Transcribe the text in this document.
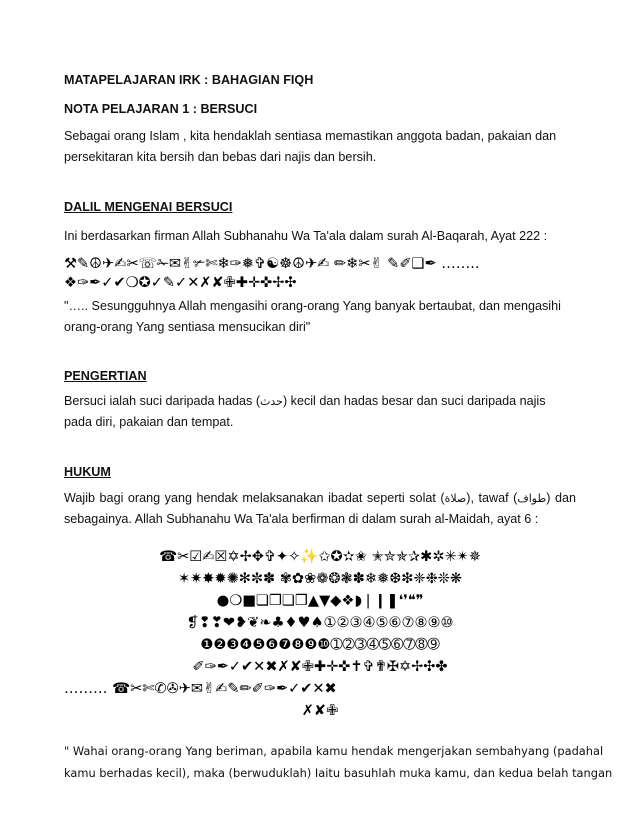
MATAPELAJARAN IRK : BAHAGIAN FIQH

NOTA PELAJARAN 1 : BERSUCI

Sebagai orang Islam , kita hendaklah sentiasa memastikan anggota badan, pakaian dan persekitaran kita bersih dan bebas dari najis dan bersih.

DALIL MENGENAI BERSUCI

Ini berdasarkan firman Allah Subhanahu Wa Ta'ala dalam surah Al-Baqarah, Ayat 222 :

⚒✎☮✈✍✂☏✁✉✌✃✄❄✑❅✞☯☸☮✈✍ ✏❄✂✌ ✎✐❑✒ ……..

❖✑✒✓✔❍✪✓✎✓✕✗✘✙✚✛✜✢✣

"….. Sesungguhnya Allah mengasihi orang-orang Yang banyak bertaubat, dan mengasihi orang-orang Yang sentiasa mensucikan diri"

PENGERTIAN

Bersuci ialah suci daripada hadas (حدث) kecil dan hadas besar dan suci daripada najis pada diri, pakaian dan tempat.

HUKUM

Wajib bagi orang yang hendak melaksanakan ibadat seperti solat (صلاة), tawaf (طواف) dan sebagainya. Allah Subhanahu Wa Ta'ala berfirman di dalam surah al-Maidah, ayat 6 :

☎✂☑✍☒✡✢✥✞✦✧✨✩✪✫✬ ✭✮✯✰✱✲✳✴✵

✶✷✸✹✺✻✼✽ ✾✿❀❁❂❃✽❄❅❆❇❈❉❊❋

●❍■❏❐❑❒▲▼◆❖◗❘❙❚❛❜❝❞

❡❢❣❤❥❦❧♣♦♥♠①②③④⑤⑥⑦⑧⑨⑩

❶❷❸❹❺❻❼❽❾❿➀➁➂➃➄➅➆➇➈

✐✑✒✓✔✕✖✗✘✙✚✛✜✝✞✟✠✡✢✣✤

……… ☎✂✄✆✇✈✉✌✍✎✏✐✑✒✓✔✕✖

✗✘✙

" Wahai orang-orang Yang beriman, apabila kamu hendak mengerjakan sembahyang (padahal

kamu berhadas kecil), maka (berwuduklah) Iaitu basuhlah muka kamu, dan kedua belah tangan
